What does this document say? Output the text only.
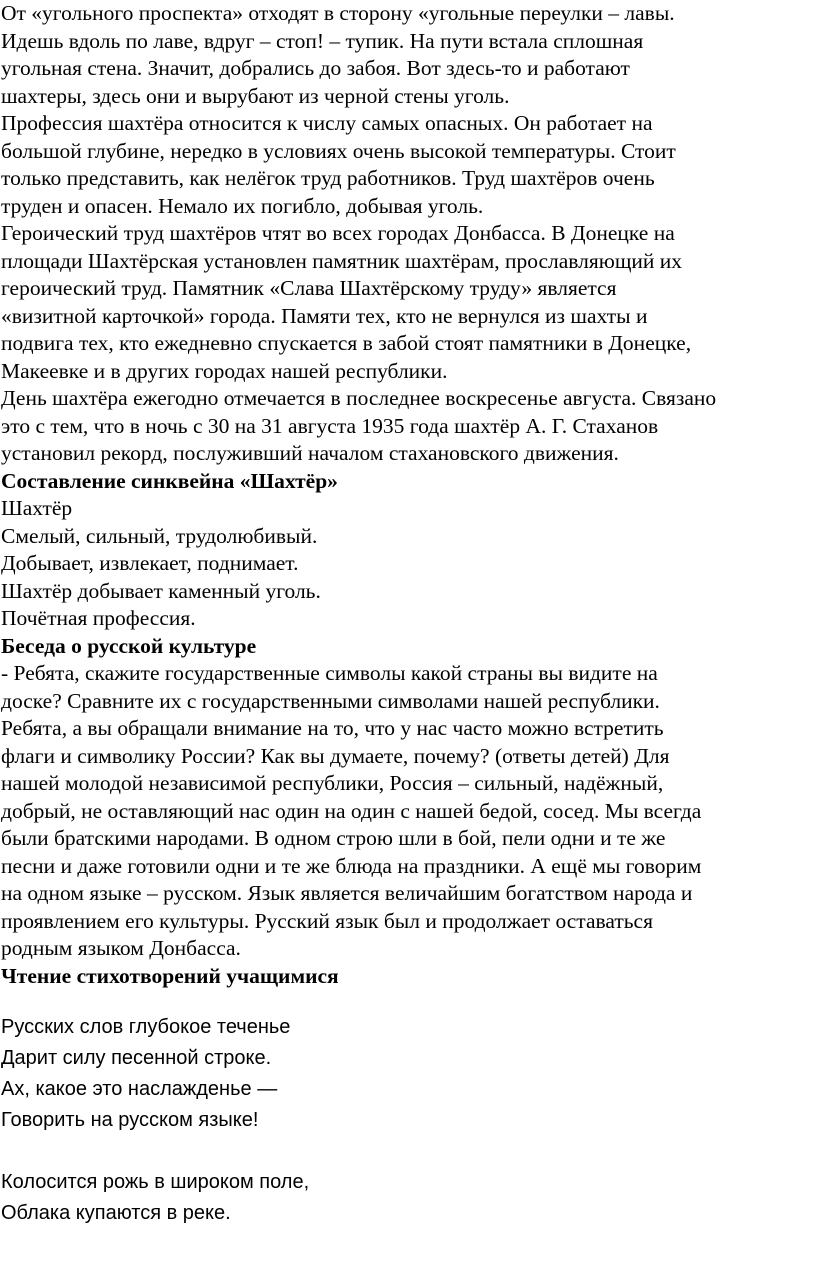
От «угольного проспекта» отходят в сторону «угольные переулки – лавы.
Идешь вдоль по лаве, вдруг – стоп! – тупик. На пути встала сплошная
угольная стена. Значит, добрались до забоя. Вот здесь-то и работают
шахтеры, здесь они и вырубают из черной стены уголь.
Профессия шахтёра относится к числу самых опасных. Он работает на
большой глубине, нередко в условиях очень высокой температуры. Стоит
только представить, как нелёгок труд работников. Труд шахтёров очень
труден и опасен. Немало их погибло, добывая уголь.
Героический труд шахтёров чтят во всех городах Донбасса. В Донецке на
площади Шахтёрская установлен памятник шахтёрам, прославляющий их
героический труд. Памятник «Слава Шахтёрскому труду» является
«визитной карточкой» города. Памяти тех, кто не вернулся из шахты и
подвига тех, кто ежедневно спускается в забой стоят памятники в Донецке,
Макеевке и в других городах нашей республики.
День шахтёра ежегодно отмечается в последнее воскресенье августа. Связано
это с тем, что в ночь с 30 на 31 августа 1935 года шахтёр А. Г. Стаханов
установил рекорд, послуживший началом стахановского движения.
Составление синквейна «Шахтёр»
Шахтёр
Смелый, сильный, трудолюбивый.
Добывает, извлекает, поднимает.
Шахтёр добывает каменный уголь.
Почётная профессия.
Беседа о русской культуре
- Ребята, скажите государственные символы какой страны вы видите на
доске? Сравните их с государственными символами нашей республики.
Ребята, а вы обращали внимание на то, что у нас часто можно встретить
флаги и символику России? Как вы думаете, почему? (ответы детей) Для
нашей молодой независимой республики, Россия – сильный, надёжный,
добрый, не оставляющий нас один на один с нашей бедой, сосед. Мы всегда
были братскими народами. В одном строю шли в бой, пели одни и те же
песни и даже готовили одни и те же блюда на праздники. А ещё мы говорим
на одном языке – русском. Язык является величайшим богатством народа и
проявлением его культуры. Русский язык был и продолжает оставаться
родным языком Донбасса.
Чтение стихотворений учащимися
Русских слов глубокое теченье
Дарит силу песенной строке.
Ах, какое это наслажденье —
Говорить на русском языке!
Колосится рожь в широком поле,
Облака купаются в реке.
